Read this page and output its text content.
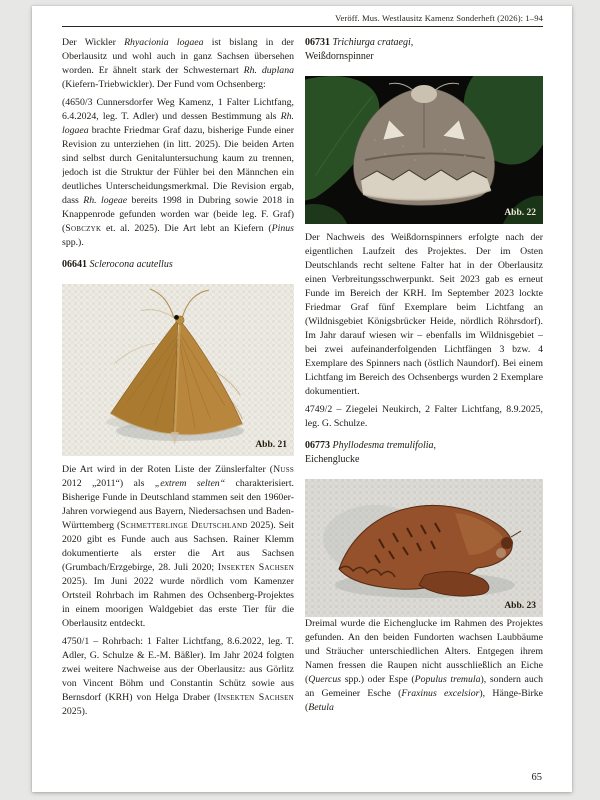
Veröff. Mus. Westlausitz Kamenz Sonderheft (2026): 1–94

Der Wickler Rhyacionia logaea ist bislang in der Oberlausitz und wohl auch in ganz Sachsen übersehen worden. Er ähnelt stark der Schwesternart Rh. duplana (Kiefern-Triebwickler). Der Fund vom Ochsenberg:

(4650/3 Cunnersdorfer Weg Kamenz, 1 Falter Lichtfang, 6.4.2024, leg. T. Adler) und dessen Bestimmung als Rh. logaea brachte Friedmar Graf dazu, bisherige Funde einer Revision zu unterziehen (in litt. 2025). Die beiden Arten sind selbst durch Genitaluntersuchung kaum zu trennen, jedoch ist die Struktur der Fühler bei den Männchen ein deutliches Unterscheidungsmerkmal. Die Revision ergab, dass Rh. logeae bereits 1998 in Dubring sowie 2018 in Knappenrode gefunden worden war (beide leg. F. Graf) (Sobczyk et. al. 2025). Die Art lebt an Kiefern (Pinus spp.).

06641 Sclerocona acutellus
Abb. 21

Die Art wird in der Roten Liste der Zünslerfalter (Nuss 2012 „2011“) als „extrem selten“ charakterisiert. Bisherige Funde in Deutschland stammen seit den 1960er-Jahren vorwiegend aus Bayern, Niedersachsen und Baden-Württemberg (Schmetterlinge Deutschland 2025). Seit 2020 gibt es Funde auch aus Sachsen. Rainer Klemm dokumentierte als erster die Art aus Sachsen (Grumbach/Erzgebirge, 28. Juli 2020; Insekten Sachsen 2025). Im Juni 2022 wurde nördlich vom Kamenzer Ortsteil Rohrbach im Rahmen des Ochsenberg-Projektes in einem moorigen Waldgebiet das erste Tier für die Oberlausitz entdeckt.

4750/1 – Rohrbach: 1 Falter Lichtfang, 8.6.2022, leg. T. Adler, G. Schulze & E.-M. Bäßler). Im Jahr 2024 folgten zwei weitere Nachweise aus der Oberlausitz: aus Görlitz von Vincent Böhm und Constantin Schütz sowie aus Bernsdorf (KRH) von Helga Draber (Insekten Sachsen 2025).

06731 Trichiurga crataegi,
Weißdornspinner
Abb. 22

Der Nachweis des Weißdornspinners erfolgte nach der eigentlichen Laufzeit des Projektes. Der im Osten Deutschlands recht seltene Falter hat in der Oberlausitz einen Verbreitungsschwerpunkt. Seit 2023 gab es erneut Funde im Bereich der KRH. Im September 2023 lockte Friedmar Graf fünf Exemplare beim Lichtfang an (Wildnisgebiet Königsbrücker Heide, nördlich Röhrsdorf). Im Jahr darauf wiesen wir – ebenfalls im Wildnisgebiet – bei zwei aufeinanderfolgenden Lichtfängen 3 bzw. 4 Exemplare des Spinners nach (östlich Naundorf). Bei einem Lichtfang im Bereich des Ochsenbergs wurden 2 Exemplare dokumentiert.

4749/2 – Ziegelei Neukirch, 2 Falter Lichtfang, 8.9.2025, leg. G. Schulze.

06773 Phyllodesma tremulifolia,
Eichenglucke
Abb. 23

Dreimal wurde die Eichenglucke im Rahmen des Projektes gefunden. An den beiden Fundorten wachsen Laubbäume und Sträucher unterschiedlichen Alters. Entgegen ihrem Namen fressen die Raupen nicht ausschließlich an Eiche (Quercus spp.) oder Espe (Populus tremula), sondern auch an Gemeiner Esche (Fraxinus excelsior), Hänge-Birke (Betula

65
